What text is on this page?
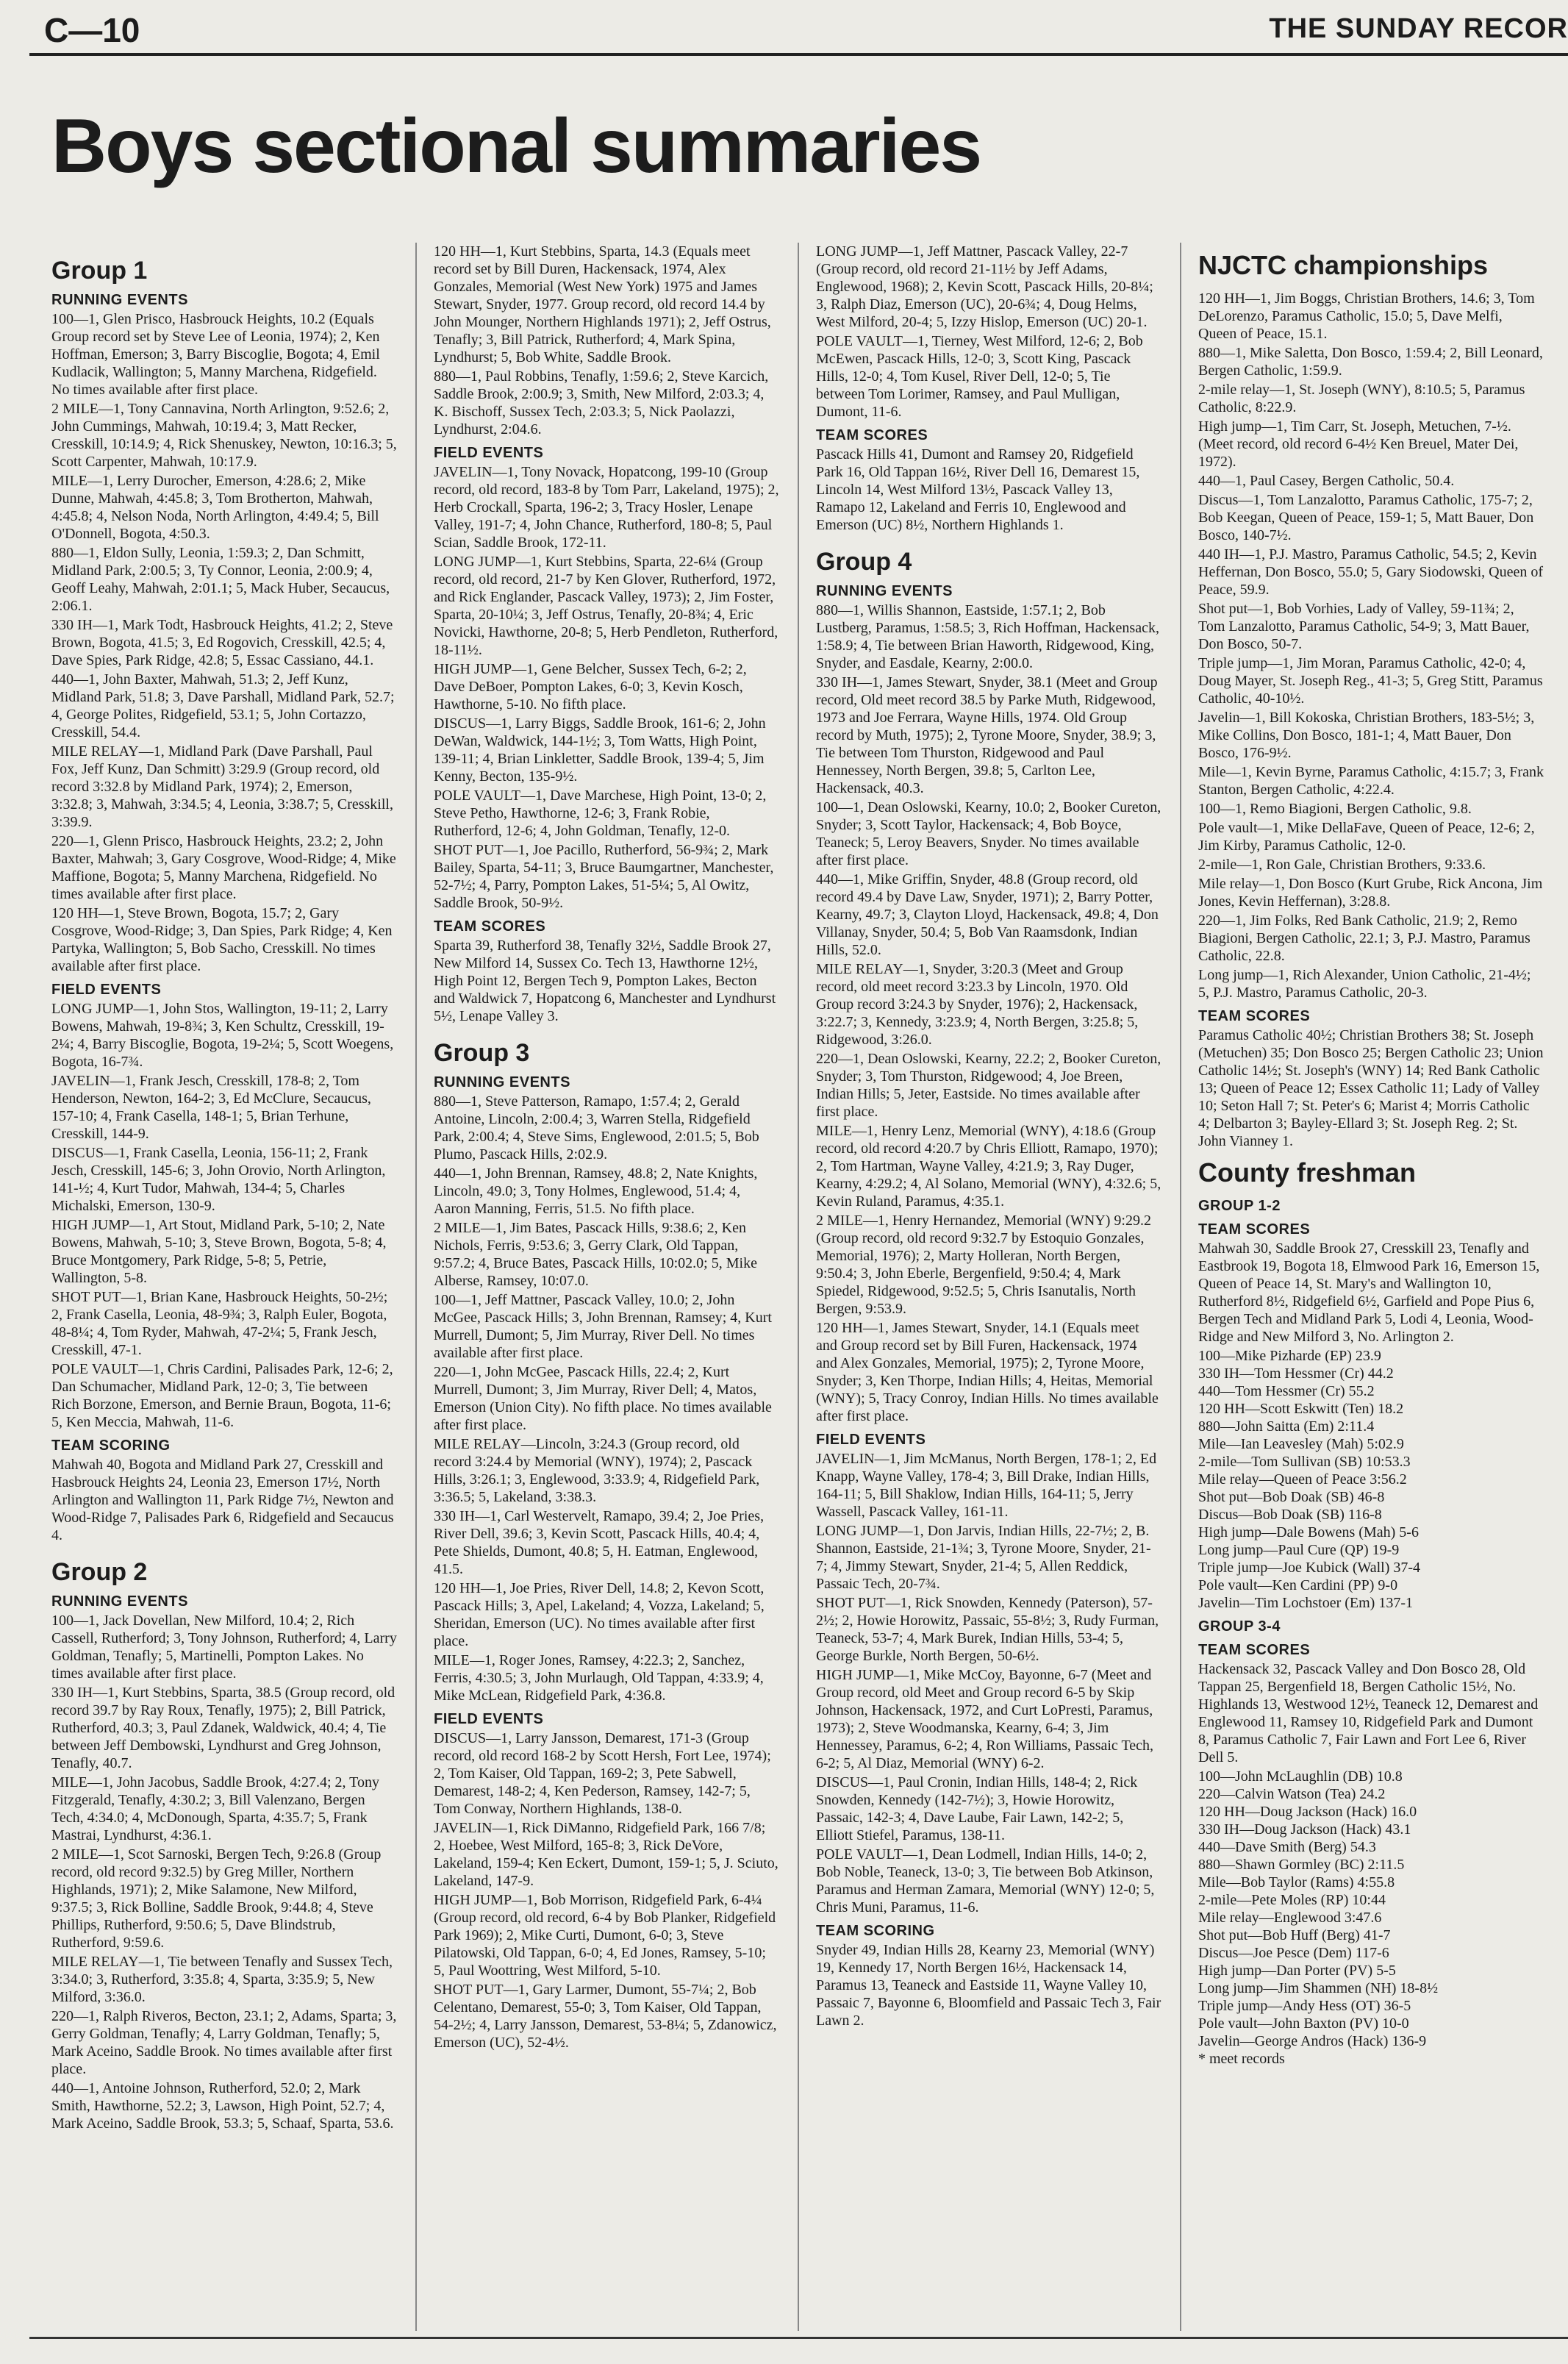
C—10	THE SUNDAY RECOR
Boys sectional summaries
Group 1
RUNNING EVENTS

100—1, Glen Prisco, Hasbrouck Heights, 10.2 (Equals Group record set by Steve Lee of Leonia, 1974); 2, Ken Hoffman, Emerson; 3, Barry Biscoglie, Bogota; 4, Emil Kudlacik, Wallington; 5, Manny Marchena, Ridgefield. No times available after first place.

2 MILE—1, Tony Cannavina, North Arlington, 9:52.6; 2, John Cummings, Mahwah, 10:19.4; 3, Matt Recker, Cresskill, 10:14.9; 4, Rick Shenuskey, Newton, 10:16.3; 5, Scott Carpenter, Mahwah, 10:17.9.

MILE—1, Lerry Durocher, Emerson, 4:28.6; 2, Mike Dunne, Mahwah, 4:45.8; 3, Tom Brotherton, Mahwah, 4:45.8; 4, Nelson Noda, North Arlington, 4:49.4; 5, Bill O'Donnell, Bogota, 4:50.3.

880—1, Eldon Sully, Leonia, 1:59.3; 2, Dan Schmitt, Midland Park, 2:00.5; 3, Ty Connor, Leonia, 2:00.9; 4, Geoff Leahy, Mahwah, 2:01.1; 5, Mack Huber, Secaucus, 2:06.1.

330 IH—1, Mark Todt, Hasbrouck Heights, 41.2; 2, Steve Brown, Bogota, 41.5; 3, Ed Rogovich, Cresskill, 42.5; 4, Dave Spies, Park Ridge, 42.8; 5, Essac Cassiano, 44.1.

440—1, John Baxter, Mahwah, 51.3; 2, Jeff Kunz, Midland Park, 51.8; 3, Dave Parshall, Midland Park, 52.7; 4, George Polites, Ridgefield, 53.1; 5, John Cortazzo, Cresskill, 54.4.

MILE RELAY—1, Midland Park (Dave Parshall, Paul Fox, Jeff Kunz, Dan Schmitt) 3:29.9 (Group record, old record 3:32.8 by Midland Park, 1974); 2, Emerson, 3:32.8; 3, Mahwah, 3:34.5; 4, Leonia, 3:38.7; 5, Cresskill, 3:39.9.

220—1, Glenn Prisco, Hasbrouck Heights, 23.2; 2, John Baxter, Mahwah; 3, Gary Cosgrove, Wood-Ridge; 4, Mike Maffione, Bogota; 5, Manny Marchena, Ridgefield. No times available after first place.

120 HH—1, Steve Brown, Bogota, 15.7; 2, Gary Cosgrove, Wood-Ridge; 3, Dan Spies, Park Ridge; 4, Ken Partyka, Wallington; 5, Bob Sacho, Cresskill. No times available after first place.

FIELD EVENTS

LONG JUMP—1, John Stos, Wallington, 19-11; 2, Larry Bowens, Mahwah, 19-8¾; 3, Ken Schultz, Cresskill, 19-2¼; 4, Barry Biscoglie, Bogota, 19-2¼; 5, Scott Woegens, Bogota, 16-7¾.

JAVELIN—1, Frank Jesch, Cresskill, 178-8; 2, Tom Henderson, Newton, 164-2; 3, Ed McClure, Secaucus, 157-10; 4, Frank Casella, 148-1; 5, Brian Terhune, Cresskill, 144-9.

DISCUS—1, Frank Casella, Leonia, 156-11; 2, Frank Jesch, Cresskill, 145-6; 3, John Orovio, North Arlington, 141-½; 4, Kurt Tudor, Mahwah, 134-4; 5, Charles Michalski, Emerson, 130-9.

HIGH JUMP—1, Art Stout, Midland Park, 5-10; 2, Nate Bowens, Mahwah, 5-10; 3, Steve Brown, Bogota, 5-8; 4, Bruce Montgomery, Park Ridge, 5-8; 5, Petrie, Wallington, 5-8.

SHOT PUT—1, Brian Kane, Hasbrouck Heights, 50-2½; 2, Frank Casella, Leonia, 48-9¾; 3, Ralph Euler, Bogota, 48-8¼; 4, Tom Ryder, Mahwah, 47-2¼; 5, Frank Jesch, Cresskill, 47-1.

POLE VAULT—1, Chris Cardini, Palisades Park, 12-6; 2, Dan Schumacher, Midland Park, 12-0; 3, Tie between Rich Borzone, Emerson, and Bernie Braun, Bogota, 11-6; 5, Ken Meccia, Mahwah, 11-6.

TEAM SCORING

Mahwah 40, Bogota and Midland Park 27, Cresskill and Hasbrouck Heights 24, Leonia 23, Emerson 17½, North Arlington and Wallington 11, Park Ridge 7½, Newton and Wood-Ridge 7, Palisades Park 6, Ridgefield and Secaucus 4.

Group 2
RUNNING EVENTS

100—1, Jack Dovellan, New Milford, 10.4; 2, Rich Cassell, Rutherford; 3, Tony Johnson, Rutherford; 4, Larry Goldman, Tenafly; 5, Martinelli, Pompton Lakes. No times available after first place.

330 IH—1, Kurt Stebbins, Sparta, 38.5 (Group record, old record 39.7 by Ray Roux, Tenafly, 1975); 2, Bill Patrick, Rutherford, 40.3; 3, Paul Zdanek, Waldwick, 40.4; 4, Tie between Jeff Dembowski, Lyndhurst and Greg Johnson, Tenafly, 40.7.

MILE—1, John Jacobus, Saddle Brook, 4:27.4; 2, Tony Fitzgerald, Tenafly, 4:30.2; 3, Bill Valenzano, Bergen Tech, 4:34.0; 4, McDonough, Sparta, 4:35.7; 5, Frank Mastrai, Lyndhurst, 4:36.1.

2 MILE—1, Scot Sarnoski, Bergen Tech, 9:26.8 (Group record, old record 9:32.5) by Greg Miller, Northern Highlands, 1971); 2, Mike Salamone, New Milford, 9:37.5; 3, Rick Bolline, Saddle Brook, 9:44.8; 4, Steve Phillips, Rutherford, 9:50.6; 5, Dave Blindstrub, Rutherford, 9:59.6.

MILE RELAY—1, Tie between Tenafly and Sussex Tech, 3:34.0; 3, Rutherford, 3:35.8; 4, Sparta, 3:35.9; 5, New Milford, 3:36.0.

220—1, Ralph Riveros, Becton, 23.1; 2, Adams, Sparta; 3, Gerry Goldman, Tenafly; 4, Larry Goldman, Tenafly; 5, Mark Aceino, Saddle Brook. No times available after first place.

440—1, Antoine Johnson, Rutherford, 52.0; 2, Mark Smith, Hawthorne, 52.2; 3, Lawson, High Point, 52.7; 4, Mark Aceino, Saddle Brook, 53.3; 5, Schaaf, Sparta, 53.6.

120 HH—1, Kurt Stebbins, Sparta, 14.3 (Equals meet record set by Bill Duren, Hackensack, 1974, Alex Gonzales, Memorial (West New York) 1975 and James Stewart, Snyder, 1977. Group record, old record 14.4 by John Mounger, Northern Highlands 1971); 2, Jeff Ostrus, Tenafly; 3, Bill Patrick, Rutherford; 4, Mark Spina, Lyndhurst; 5, Bob White, Saddle Brook.

880—1, Paul Robbins, Tenafly, 1:59.6; 2, Steve Karcich, Saddle Brook, 2:00.9; 3, Smith, New Milford, 2:03.3; 4, K. Bischoff, Sussex Tech, 2:03.3; 5, Nick Paolazzi, Lyndhurst, 2:04.6.

FIELD EVENTS

JAVELIN—1, Tony Novack, Hopatcong, 199-10 (Group record, old record, 183-8 by Tom Parr, Lakeland, 1975); 2, Herb Crockall, Sparta, 196-2; 3, Tracy Hosler, Lenape Valley, 191-7; 4, John Chance, Rutherford, 180-8; 5, Paul Scian, Saddle Brook, 172-11.

LONG JUMP—1, Kurt Stebbins, Sparta, 22-6¼ (Group record, old record, 21-7 by Ken Glover, Rutherford, 1972, and Rick Englander, Pascack Valley, 1973); 2, Jim Foster, Sparta, 20-10¼; 3, Jeff Ostrus, Tenafly, 20-8¾; 4, Eric Novicki, Hawthorne, 20-8; 5, Herb Pendleton, Rutherford, 18-11½.

HIGH JUMP—1, Gene Belcher, Sussex Tech, 6-2; 2, Dave DeBoer, Pompton Lakes, 6-0; 3, Kevin Kosch, Hawthorne, 5-10. No fifth place.

DISCUS—1, Larry Biggs, Saddle Brook, 161-6; 2, John DeWan, Waldwick, 144-1½; 3, Tom Watts, High Point, 139-11; 4, Brian Linkletter, Saddle Brook, 139-4; 5, Jim Kenny, Becton, 135-9½.

POLE VAULT—1, Dave Marchese, High Point, 13-0; 2, Steve Petho, Hawthorne, 12-6; 3, Frank Robie, Rutherford, 12-6; 4, John Goldman, Tenafly, 12-0.

SHOT PUT—1, Joe Pacillo, Rutherford, 56-9¾; 2, Mark Bailey, Sparta, 54-11; 3, Bruce Baumgartner, Manchester, 52-7½; 4, Parry, Pompton Lakes, 51-5¼; 5, Al Owitz, Saddle Brook, 50-9½.

TEAM SCORES

Sparta 39, Rutherford 38, Tenafly 32½, Saddle Brook 27, New Milford 14, Sussex Co. Tech 13, Hawthorne 12½, High Point 12, Bergen Tech 9, Pompton Lakes, Becton and Waldwick 7, Hopatcong 6, Manchester and Lyndhurst 5½, Lenape Valley 3.

Group 3
RUNNING EVENTS

880—1, Steve Patterson, Ramapo, 1:57.4; 2, Gerald Antoine, Lincoln, 2:00.4; 3, Warren Stella, Ridgefield Park, 2:00.4; 4, Steve Sims, Englewood, 2:01.5; 5, Bob Plumo, Pascack Hills, 2:02.9.

440—1, John Brennan, Ramsey, 48.8; 2, Nate Knights, Lincoln, 49.0; 3, Tony Holmes, Englewood, 51.4; 4, Aaron Manning, Ferris, 51.5. No fifth place.

2 MILE—1, Jim Bates, Pascack Hills, 9:38.6; 2, Ken Nichols, Ferris, 9:53.6; 3, Gerry Clark, Old Tappan, 9:57.2; 4, Bruce Bates, Pascack Hills, 10:02.0; 5, Mike Alberse, Ramsey, 10:07.0.

100—1, Jeff Mattner, Pascack Valley, 10.0; 2, John McGee, Pascack Hills; 3, John Brennan, Ramsey; 4, Kurt Murrell, Dumont; 5, Jim Murray, River Dell. No times available after first place.

220—1, John McGee, Pascack Hills, 22.4; 2, Kurt Murrell, Dumont; 3, Jim Murray, River Dell; 4, Matos, Emerson (Union City). No fifth place. No times available after first place.

MILE RELAY—Lincoln, 3:24.3 (Group record, old record 3:24.4 by Memorial (WNY), 1974); 2, Pascack Hills, 3:26.1; 3, Englewood, 3:33.9; 4, Ridgefield Park, 3:36.5; 5, Lakeland, 3:38.3.

330 IH—1, Carl Westervelt, Ramapo, 39.4; 2, Joe Pries, River Dell, 39.6; 3, Kevin Scott, Pascack Hills, 40.4; 4, Pete Shields, Dumont, 40.8; 5, H. Eatman, Englewood, 41.5.

120 HH—1, Joe Pries, River Dell, 14.8; 2, Kevon Scott, Pascack Hills; 3, Apel, Lakeland; 4, Vozza, Lakeland; 5, Sheridan, Emerson (UC). No times available after first place.

MILE—1, Roger Jones, Ramsey, 4:22.3; 2, Sanchez, Ferris, 4:30.5; 3, John Murlaugh, Old Tappan, 4:33.9; 4, Mike McLean, Ridgefield Park, 4:36.8.

FIELD EVENTS

DISCUS—1, Larry Jansson, Demarest, 171-3 (Group record, old record 168-2 by Scott Hersh, Fort Lee, 1974); 2, Tom Kaiser, Old Tappan, 169-2; 3, Pete Sabwell, Demarest, 148-2; 4, Ken Pederson, Ramsey, 142-7; 5, Tom Conway, Northern Highlands, 138-0.

JAVELIN—1, Rick DiManno, Ridgefield Park, 166 7/8; 2, Hoebee, West Milford, 165-8; 3, Rick DeVore, Lakeland, 159-4; Ken Eckert, Dumont, 159-1; 5, J. Sciuto, Lakeland, 147-9.

HIGH JUMP—1, Bob Morrison, Ridgefield Park, 6-4¼ (Group record, old record, 6-4 by Bob Planker, Ridgefield Park 1969); 2, Mike Curti, Dumont, 6-0; 3, Steve Pilatowski, Old Tappan, 6-0; 4, Ed Jones, Ramsey, 5-10; 5, Paul Woottring, West Milford, 5-10.

SHOT PUT—1, Gary Larmer, Dumont, 55-7¼; 2, Bob Celentano, Demarest, 55-0; 3, Tom Kaiser, Old Tappan, 54-2½; 4, Larry Jansson, Demarest, 53-8¼; 5, Zdanowicz, Emerson (UC), 52-4½.

LONG JUMP—1, Jeff Mattner, Pascack Valley, 22-7 (Group record, old record 21-11½ by Jeff Adams, Englewood, 1968); 2, Kevin Scott, Pascack Hills, 20-8¼; 3, Ralph Diaz, Emerson (UC), 20-6¾; 4, Doug Helms, West Milford, 20-4; 5, Izzy Hislop, Emerson (UC) 20-1.

POLE VAULT—1, Tierney, West Milford, 12-6; 2, Bob McEwen, Pascack Hills, 12-0; 3, Scott King, Pascack Hills, 12-0; 4, Tom Kusel, River Dell, 12-0; 5, Tie between Tom Lorimer, Ramsey, and Paul Mulligan, Dumont, 11-6.

TEAM SCORES

Pascack Hills 41, Dumont and Ramsey 20, Ridgefield Park 16, Old Tappan 16½, River Dell 16, Demarest 15, Lincoln 14, West Milford 13½, Pascack Valley 13, Ramapo 12, Lakeland and Ferris 10, Englewood and Emerson (UC) 8½, Northern Highlands 1.

Group 4
RUNNING EVENTS

880—1, Willis Shannon, Eastside, 1:57.1; 2, Bob Lustberg, Paramus, 1:58.5; 3, Rich Hoffman, Hackensack, 1:58.9; 4, Tie between Brian Haworth, Ridgewood, King, Snyder, and Easdale, Kearny, 2:00.0.

330 IH—1, James Stewart, Snyder, 38.1 (Meet and Group record, Old meet record 38.5 by Parke Muth, Ridgewood, 1973 and Joe Ferrara, Wayne Hills, 1974. Old Group record by Muth, 1975); 2, Tyrone Moore, Snyder, 38.9; 3, Tie between Tom Thurston, Ridgewood and Paul Hennessey, North Bergen, 39.8; 5, Carlton Lee, Hackensack, 40.3.

100—1, Dean Oslowski, Kearny, 10.0; 2, Booker Cureton, Snyder; 3, Scott Taylor, Hackensack; 4, Bob Boyce, Teaneck; 5, Leroy Beavers, Snyder. No times available after first place.

440—1, Mike Griffin, Snyder, 48.8 (Group record, old record 49.4 by Dave Law, Snyder, 1971); 2, Barry Potter, Kearny, 49.7; 3, Clayton Lloyd, Hackensack, 49.8; 4, Don Villanay, Snyder, 50.4; 5, Bob Van Raamsdonk, Indian Hills, 52.0.

MILE RELAY—1, Snyder, 3:20.3 (Meet and Group record, old meet record 3:23.3 by Lincoln, 1970. Old Group record 3:24.3 by Snyder, 1976); 2, Hackensack, 3:22.7; 3, Kennedy, 3:23.9; 4, North Bergen, 3:25.8; 5, Ridgewood, 3:26.0.

220—1, Dean Oslowski, Kearny, 22.2; 2, Booker Cureton, Snyder; 3, Tom Thurston, Ridgewood; 4, Joe Breen, Indian Hills; 5, Jeter, Eastside. No times available after first place.

MILE—1, Henry Lenz, Memorial (WNY), 4:18.6 (Group record, old record 4:20.7 by Chris Elliott, Ramapo, 1970); 2, Tom Hartman, Wayne Valley, 4:21.9; 3, Ray Duger, Kearny, 4:29.2; 4, Al Solano, Memorial (WNY), 4:32.6; 5, Kevin Ruland, Paramus, 4:35.1.

2 MILE—1, Henry Hernandez, Memorial (WNY) 9:29.2 (Group record, old record 9:32.7 by Estoquio Gonzales, Memorial, 1976); 2, Marty Holleran, North Bergen, 9:50.4; 3, John Eberle, Bergenfield, 9:50.4; 4, Mark Spiedel, Ridgewood, 9:52.5; 5, Chris Isanutalis, North Bergen, 9:53.9.

120 HH—1, James Stewart, Snyder, 14.1 (Equals meet and Group record set by Bill Furen, Hackensack, 1974 and Alex Gonzales, Memorial, 1975); 2, Tyrone Moore, Snyder; 3, Ken Thorpe, Indian Hills; 4, Heitas, Memorial (WNY); 5, Tracy Conroy, Indian Hills. No times available after first place.

FIELD EVENTS

JAVELIN—1, Jim McManus, North Bergen, 178-1; 2, Ed Knapp, Wayne Valley, 178-4; 3, Bill Drake, Indian Hills, 164-11; 5, Bill Shaklow, Indian Hills, 164-11; 5, Jerry Wassell, Pascack Valley, 161-11.

LONG JUMP—1, Don Jarvis, Indian Hills, 22-7½; 2, B. Shannon, Eastside, 21-1¾; 3, Tyrone Moore, Snyder, 21-7; 4, Jimmy Stewart, Snyder, 21-4; 5, Allen Reddick, Passaic Tech, 20-7¾.

SHOT PUT—1, Rick Snowden, Kennedy (Paterson), 57-2½; 2, Howie Horowitz, Passaic, 55-8½; 3, Rudy Furman, Teaneck, 53-7; 4, Mark Burek, Indian Hills, 53-4; 5, George Burkle, North Bergen, 50-6½.

HIGH JUMP—1, Mike McCoy, Bayonne, 6-7 (Meet and Group record, old Meet and Group record 6-5 by Skip Johnson, Hackensack, 1972, and Curt LoPresti, Paramus, 1973); 2, Steve Woodmanska, Kearny, 6-4; 3, Jim Hennessey, Paramus, 6-2; 4, Ron Williams, Passaic Tech, 6-2; 5, Al Diaz, Memorial (WNY) 6-2.

DISCUS—1, Paul Cronin, Indian Hills, 148-4; 2, Rick Snowden, Kennedy (142-7½); 3, Howie Horowitz, Passaic, 142-3; 4, Dave Laube, Fair Lawn, 142-2; 5, Elliott Stiefel, Paramus, 138-11.

POLE VAULT—1, Dean Lodmell, Indian Hills, 14-0; 2, Bob Noble, Teaneck, 13-0; 3, Tie between Bob Atkinson, Paramus and Herman Zamara, Memorial (WNY) 12-0; 5, Chris Muni, Paramus, 11-6.

TEAM SCORING

Snyder 49, Indian Hills 28, Kearny 23, Memorial (WNY) 19, Kennedy 17, North Bergen 16½, Hackensack 14, Paramus 13, Teaneck and Eastside 11, Wayne Valley 10, Passaic 7, Bayonne 6, Bloomfield and Passaic Tech 3, Fair Lawn 2.

NJCTC championships

120 HH—1, Jim Boggs, Christian Brothers, 14.6; 3, Tom DeLorenzo, Paramus Catholic, 15.0; 5, Dave Melfi, Queen of Peace, 15.1.

880—1, Mike Saletta, Don Bosco, 1:59.4; 2, Bill Leonard, Bergen Catholic, 1:59.9.

2-mile relay—1, St. Joseph (WNY), 8:10.5; 5, Paramus Catholic, 8:22.9.

High jump—1, Tim Carr, St. Joseph, Metuchen, 7-½. (Meet record, old record 6-4½ Ken Breuel, Mater Dei, 1972).

440—1, Paul Casey, Bergen Catholic, 50.4.

Discus—1, Tom Lanzalotto, Paramus Catholic, 175-7; 2, Bob Keegan, Queen of Peace, 159-1; 5, Matt Bauer, Don Bosco, 140-7½.

440 IH—1, P.J. Mastro, Paramus Catholic, 54.5; 2, Kevin Heffernan, Don Bosco, 55.0; 5, Gary Siodowski, Queen of Peace, 59.9.

Shot put—1, Bob Vorhies, Lady of Valley, 59-11¾; 2, Tom Lanzalotto, Paramus Catholic, 54-9; 3, Matt Bauer, Don Bosco, 50-7.

Triple jump—1, Jim Moran, Paramus Catholic, 42-0; 4, Doug Mayer, St. Joseph Reg., 41-3; 5, Greg Stitt, Paramus Catholic, 40-10½.

Javelin—1, Bill Kokoska, Christian Brothers, 183-5½; 3, Mike Collins, Don Bosco, 181-1; 4, Matt Bauer, Don Bosco, 176-9½.

Mile—1, Kevin Byrne, Paramus Catholic, 4:15.7; 3, Frank Stanton, Bergen Catholic, 4:22.4.

100—1, Remo Biagioni, Bergen Catholic, 9.8.

Pole vault—1, Mike DellaFave, Queen of Peace, 12-6; 2, Jim Kirby, Paramus Catholic, 12-0.

2-mile—1, Ron Gale, Christian Brothers, 9:33.6.

Mile relay—1, Don Bosco (Kurt Grube, Rick Ancona, Jim Jones, Kevin Heffernan), 3:28.8.

220—1, Jim Folks, Red Bank Catholic, 21.9; 2, Remo Biagioni, Bergen Catholic, 22.1; 3, P.J. Mastro, Paramus Catholic, 22.8.

Long jump—1, Rich Alexander, Union Catholic, 21-4½; 5, P.J. Mastro, Paramus Catholic, 20-3.

TEAM SCORES

Paramus Catholic 40½; Christian Brothers 38; St. Joseph (Metuchen) 35; Don Bosco 25; Bergen Catholic 23; Union Catholic 14½; St. Joseph's (WNY) 14; Red Bank Catholic 13; Queen of Peace 12; Essex Catholic 11; Lady of Valley 10; Seton Hall 7; St. Peter's 6; Marist 4; Morris Catholic 4; Delbarton 3; Bayley-Ellard 3; St. Joseph Reg. 2; St. John Vianney 1.

County freshman
GROUP 1-2
TEAM SCORES

Mahwah 30, Saddle Brook 27, Cresskill 23, Tenafly and Eastbrook 19, Bogota 18, Elmwood Park 16, Emerson 15, Queen of Peace 14, St. Mary's and Wallington 10, Rutherford 8½, Ridgefield 6½, Garfield and Pope Pius 6, Bergen Tech and Midland Park 5, Lodi 4, Leonia, Wood-Ridge and New Milford 3, No. Arlington 2.

100—Mike Pizharde (EP) 23.9
330 IH—Tom Hessmer (Cr) 44.2
440—Tom Hessmer (Cr) 55.2
120 HH—Scott Eskwitt (Ten) 18.2
880—John Saitta (Em) 2:11.4
Mile—Ian Leavesley (Mah) 5:02.9
2-mile—Tom Sullivan (SB) 10:53.3
Mile relay—Queen of Peace 3:56.2
Shot put—Bob Doak (SB) 46-8
Discus—Bob Doak (SB) 116-8
High jump—Dale Bowens (Mah) 5-6
Long jump—Paul Cure (QP) 19-9
Triple jump—Joe Kubick (Wall) 37-4
Pole vault—Ken Cardini (PP) 9-0
Javelin—Tim Lochstoer (Em) 137-1

GROUP 3-4
TEAM SCORES

Hackensack 32, Pascack Valley and Don Bosco 28, Old Tappan 25, Bergenfield 18, Bergen Catholic 15½, No. Highlands 13, Westwood 12½, Teaneck 12, Demarest and Englewood 11, Ramsey 10, Ridgefield Park and Dumont 8, Paramus Catholic 7, Fair Lawn and Fort Lee 6, River Dell 5.

100—John McLaughlin (DB) 10.8
220—Calvin Watson (Tea) 24.2
120 HH—Doug Jackson (Hack) 16.0
330 IH—Doug Jackson (Hack) 43.1
440—Dave Smith (Berg) 54.3
880—Shawn Gormley (BC) 2:11.5
Mile—Bob Taylor (Rams) 4:55.8
2-mile—Pete Moles (RP) 10:44
Mile relay—Englewood 3:47.6
Shot put—Bob Huff (Berg) 41-7
Discus—Joe Pesce (Dem) 117-6
High jump—Dan Porter (PV) 5-5
Long jump—Jim Shammen (NH) 18-8½
Triple jump—Andy Hess (OT) 36-5
Pole vault—John Baxton (PV) 10-0
Javelin—George Andros (Hack) 136-9
* meet records
